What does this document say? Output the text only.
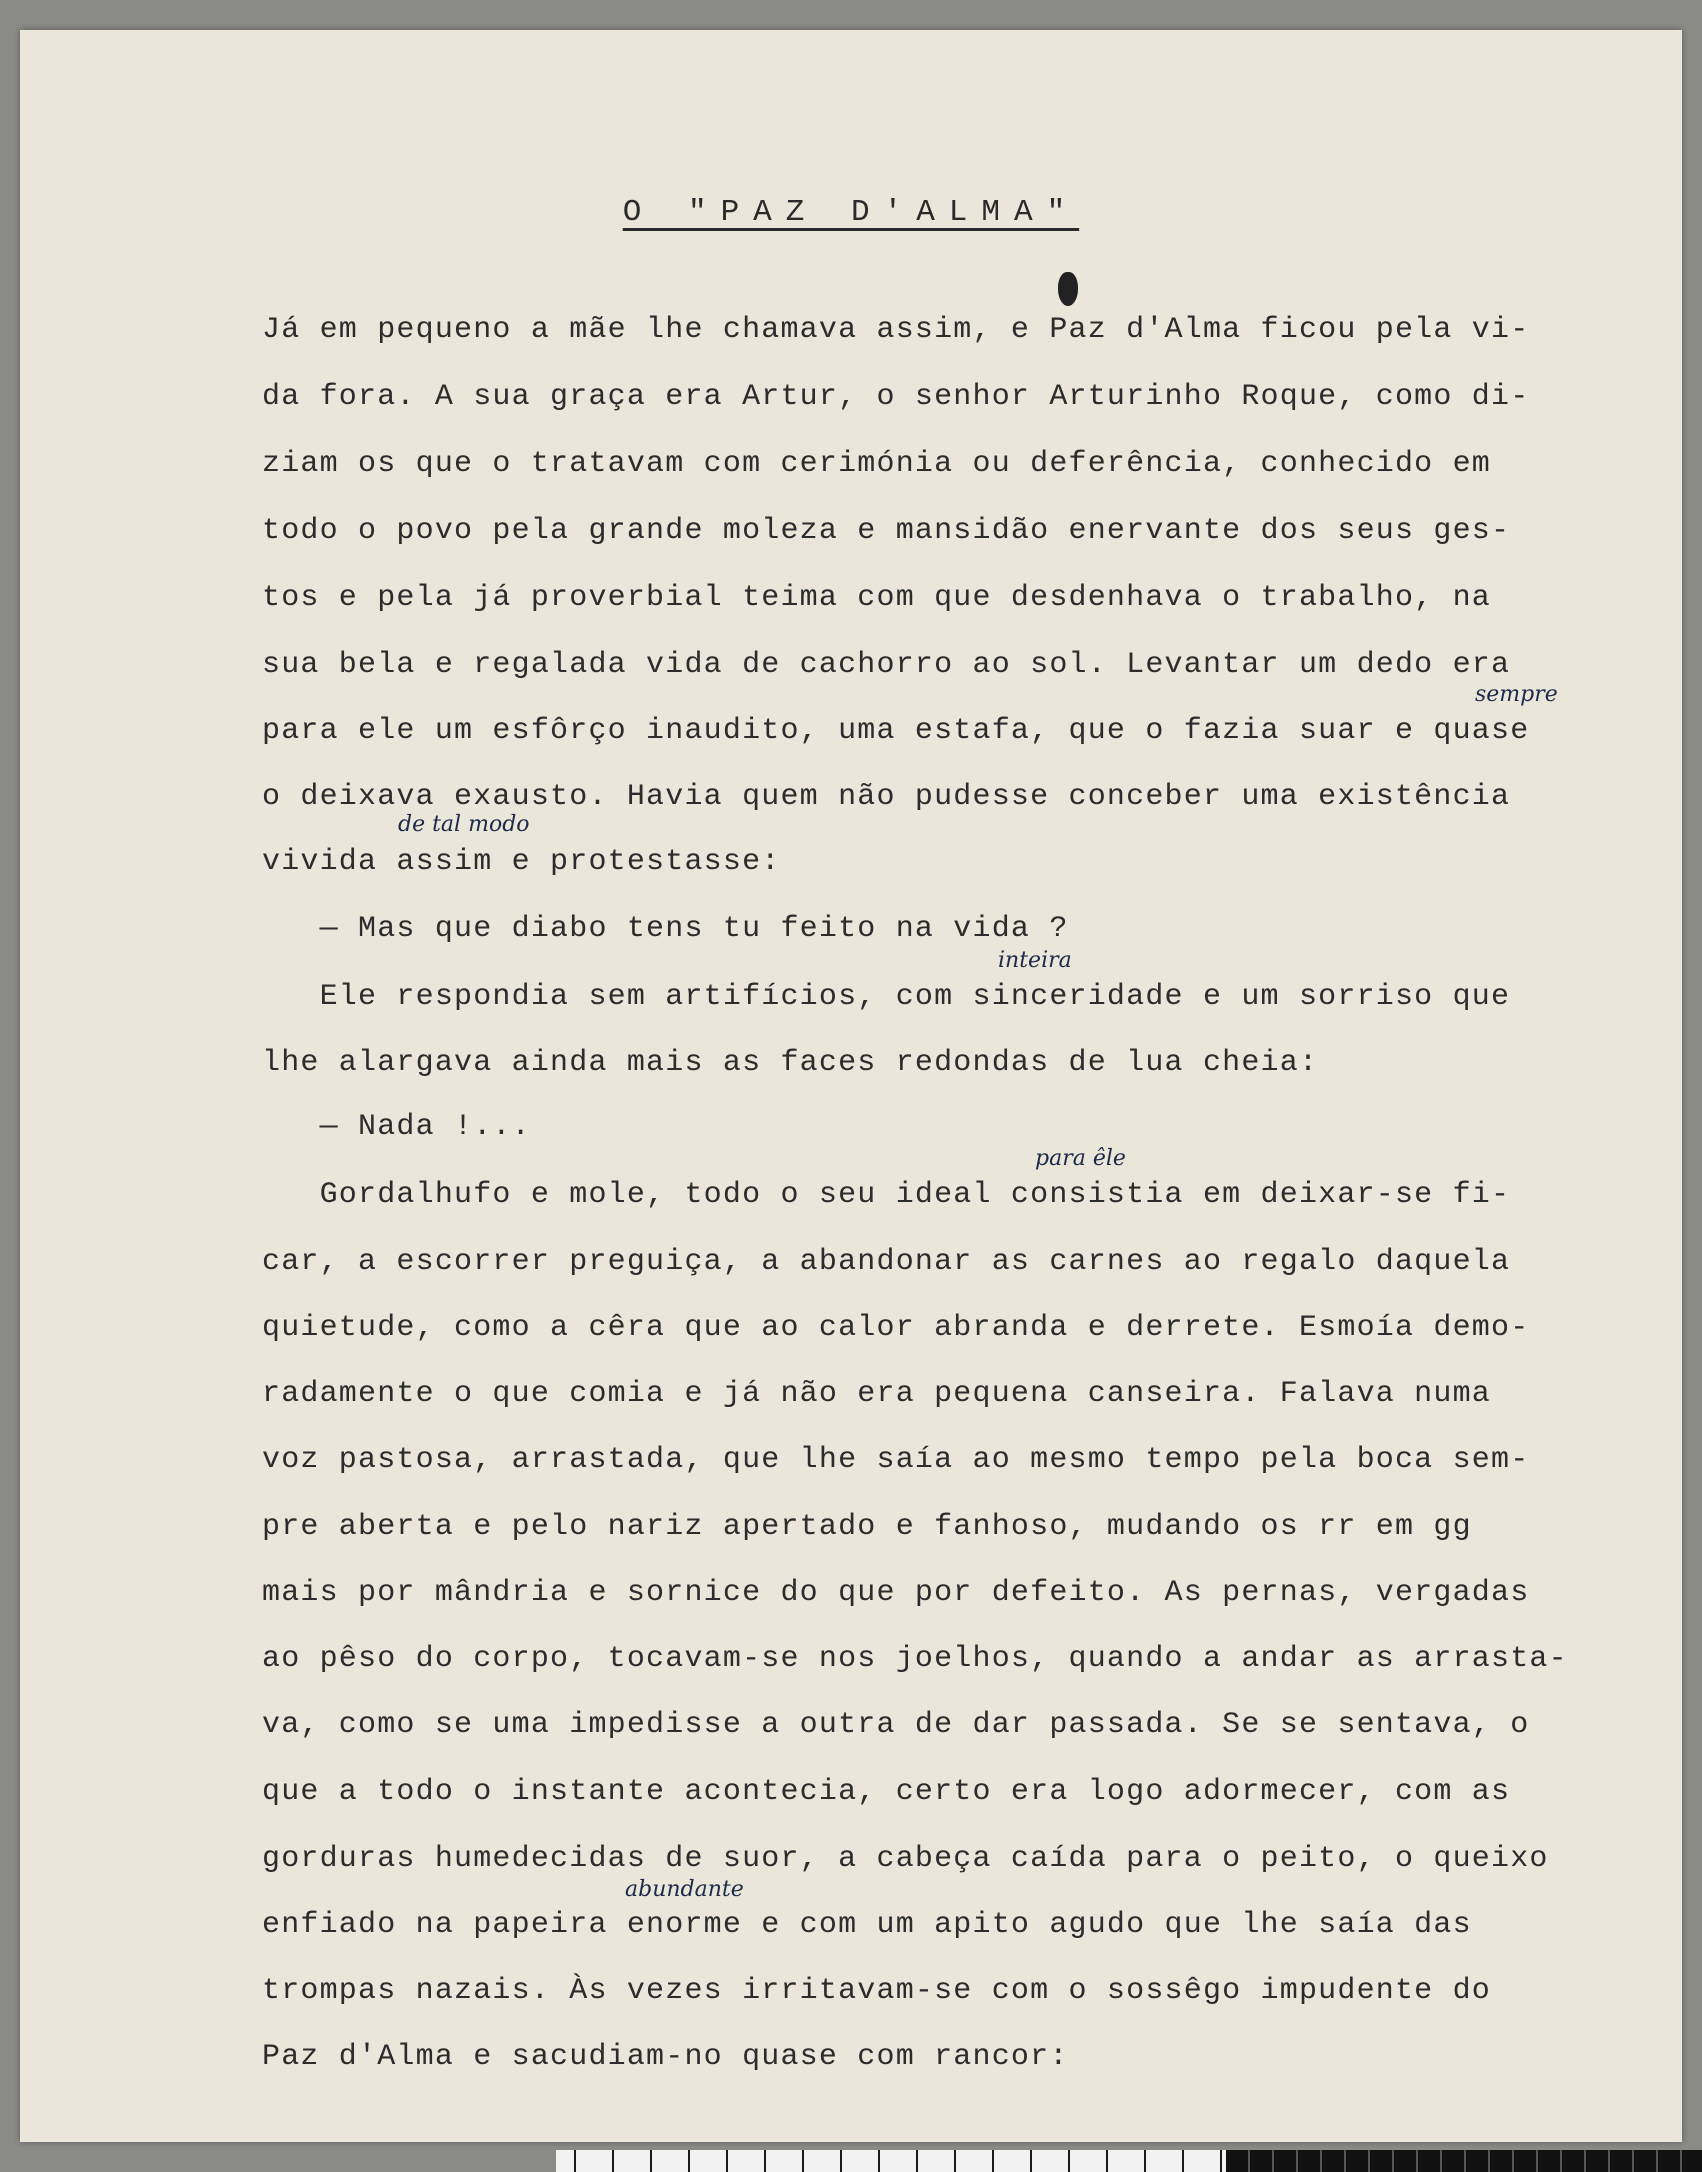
O "PAZ D'ALMA"
Já em pequeno a mãe lhe chamava assim, e Paz d'Alma ficou pela vi-
da fora. A sua graça era Artur, o senhor Arturinho Roque, como di-
ziam os que o tratavam com cerimónia ou deferência, conhecido em
todo o povo pela grande moleza e mansidão enervante dos seus ges-
tos e pela já proverbial teima com que desdenhava o trabalho, na
sua bela e regalada vida de cachorro ao sol. Levantar um dedo era
para ele um esfôrço inaudito, uma estafa, que o fazia suar e quase
o deixava exausto. Havia quem não pudesse conceber uma existência
vivida assim e protestasse:
— Mas que diabo tens tu feito na vida ?
Ele respondia sem artifícios, com sinceridade e um sorriso que
lhe alargava ainda mais as faces redondas de lua cheia:
— Nada !...
Gordalhufo e mole, todo o seu ideal consistia em deixar-se fi-
car, a escorrer preguiça, a abandonar as carnes ao regalo daquela
quietude, como a cêra que ao calor abranda e derrete. Esmoía demo-
radamente o que comia e já não era pequena canseira. Falava numa
voz pastosa, arrastada, que lhe saía ao mesmo tempo pela boca sem-
pre aberta e pelo nariz apertado e fanhoso, mudando os rr em gg
mais por mândria e sornice do que por defeito. As pernas, vergadas
ao pêso do corpo, tocavam-se nos joelhos, quando a andar as arrasta-
va, como se uma impedisse a outra de dar passada. Se se sentava, o
que a todo o instante acontecia, certo era logo adormecer, com as
gorduras humedecidas de suor, a cabeça caída para o peito, o queixo
enfiado na papeira enorme e com um apito agudo que lhe saía das
trompas nazais. Às vezes irritavam-se com o sossêgo impudente do
Paz d'Alma e sacudiam-no quase com rancor:
sempre
de tal modo
inteira
para êle
abundante
